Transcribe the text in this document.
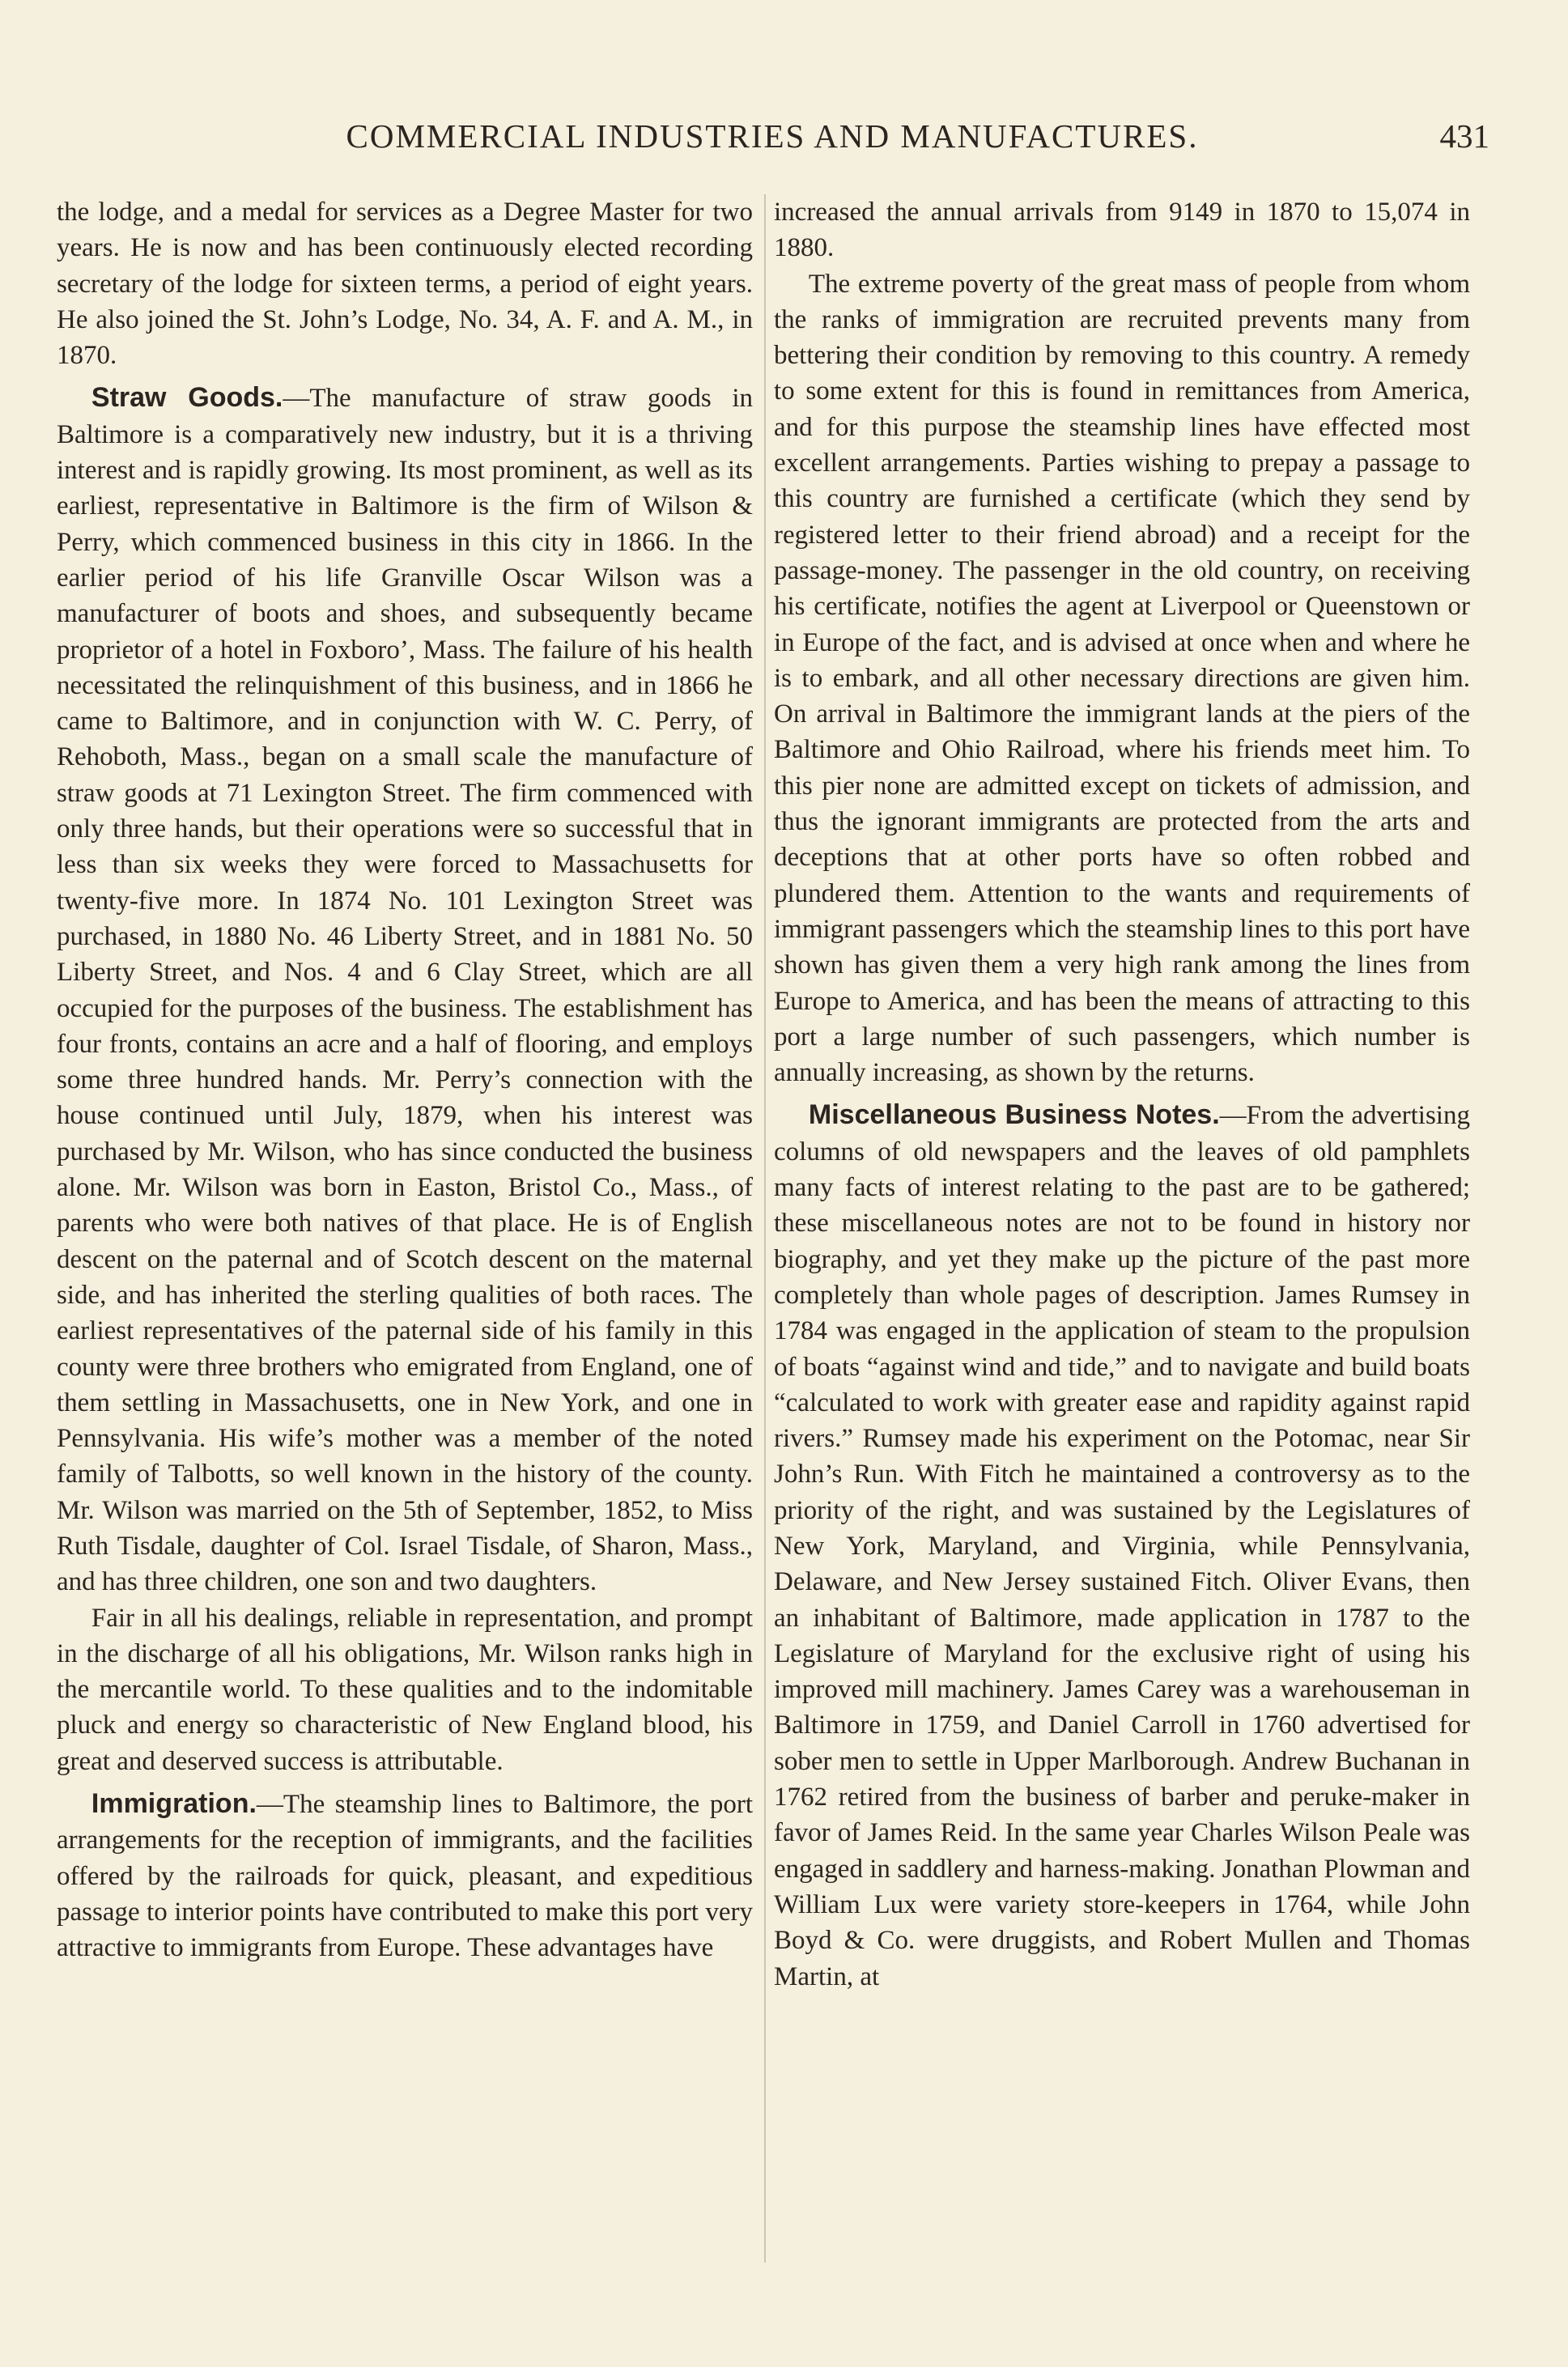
COMMERCIAL INDUSTRIES AND MANUFACTURES.	431

the lodge, and a medal for services as a Degree Master for two years. He is now and has been continuously elected recording secretary of the lodge for sixteen terms, a period of eight years. He also joined the St. John’s Lodge, No. 34, A. F. and A. M., in 1870.

Straw Goods.—The manufacture of straw goods in Baltimore is a comparatively new industry, but it is a thriving interest and is rapidly growing. Its most prominent, as well as its earliest, representative in Baltimore is the firm of Wilson & Perry, which commenced business in this city in 1866. In the earlier period of his life Granville Oscar Wilson was a manufacturer of boots and shoes, and subsequently became proprietor of a hotel in Foxboro’, Mass. The failure of his health necessitated the relinquishment of this business, and in 1866 he came to Baltimore, and in conjunction with W. C. Perry, of Rehoboth, Mass., began on a small scale the manufacture of straw goods at 71 Lexington Street. The firm commenced with only three hands, but their operations were so successful that in less than six weeks they were forced to Massachusetts for twenty-five more. In 1874 No. 101 Lexington Street was purchased, in 1880 No. 46 Liberty Street, and in 1881 No. 50 Liberty Street, and Nos. 4 and 6 Clay Street, which are all occupied for the purposes of the business. The establishment has four fronts, contains an acre and a half of flooring, and employs some three hundred hands. Mr. Perry’s connection with the house continued until July, 1879, when his interest was purchased by Mr. Wilson, who has since conducted the business alone. Mr. Wilson was born in Easton, Bristol Co., Mass., of parents who were both natives of that place. He is of English descent on the paternal and of Scotch descent on the maternal side, and has inherited the sterling qualities of both races. The earliest representatives of the paternal side of his family in this county were three brothers who emigrated from England, one of them settling in Massachusetts, one in New York, and one in Pennsylvania. His wife’s mother was a member of the noted family of Talbotts, so well known in the history of the county. Mr. Wilson was married on the 5th of September, 1852, to Miss Ruth Tisdale, daughter of Col. Israel Tisdale, of Sharon, Mass., and has three children, one son and two daughters.

Fair in all his dealings, reliable in representation, and prompt in the discharge of all his obligations, Mr. Wilson ranks high in the mercantile world. To these qualities and to the indomitable pluck and energy so characteristic of New England blood, his great and deserved success is attributable.

Immigration.—The steamship lines to Baltimore, the port arrangements for the reception of immigrants, and the facilities offered by the railroads for quick, pleasant, and expeditious passage to interior points have contributed to make this port very attractive to immigrants from Europe. These advantages have

increased the annual arrivals from 9149 in 1870 to 15,074 in 1880.

The extreme poverty of the great mass of people from whom the ranks of immigration are recruited prevents many from bettering their condition by removing to this country. A remedy to some extent for this is found in remittances from America, and for this purpose the steamship lines have effected most excellent arrangements. Parties wishing to prepay a passage to this country are furnished a certificate (which they send by registered letter to their friend abroad) and a receipt for the passage-money. The passenger in the old country, on receiving his certificate, notifies the agent at Liverpool or Queenstown or in Europe of the fact, and is advised at once when and where he is to embark, and all other necessary directions are given him. On arrival in Baltimore the immigrant lands at the piers of the Baltimore and Ohio Railroad, where his friends meet him. To this pier none are admitted except on tickets of admission, and thus the ignorant immigrants are protected from the arts and deceptions that at other ports have so often robbed and plundered them. Attention to the wants and requirements of immigrant passengers which the steamship lines to this port have shown has given them a very high rank among the lines from Europe to America, and has been the means of attracting to this port a large number of such passengers, which number is annually increasing, as shown by the returns.

Miscellaneous Business Notes.—From the advertising columns of old newspapers and the leaves of old pamphlets many facts of interest relating to the past are to be gathered; these miscellaneous notes are not to be found in history nor biography, and yet they make up the picture of the past more completely than whole pages of description. James Rumsey in 1784 was engaged in the application of steam to the propulsion of boats “against wind and tide,” and to navigate and build boats “calculated to work with greater ease and rapidity against rapid rivers.” Rumsey made his experiment on the Potomac, near Sir John’s Run. With Fitch he maintained a controversy as to the priority of the right, and was sustained by the Legislatures of New York, Maryland, and Virginia, while Pennsylvania, Delaware, and New Jersey sustained Fitch. Oliver Evans, then an inhabitant of Baltimore, made application in 1787 to the Legislature of Maryland for the exclusive right of using his improved mill machinery. James Carey was a warehouseman in Baltimore in 1759, and Daniel Carroll in 1760 advertised for sober men to settle in Upper Marlborough. Andrew Buchanan in 1762 retired from the business of barber and peruke-maker in favor of James Reid. In the same year Charles Wilson Peale was engaged in saddlery and harness-making. Jonathan Plowman and William Lux were variety store-keepers in 1764, while John Boyd & Co. were druggists, and Robert Mullen and Thomas Martin, at
